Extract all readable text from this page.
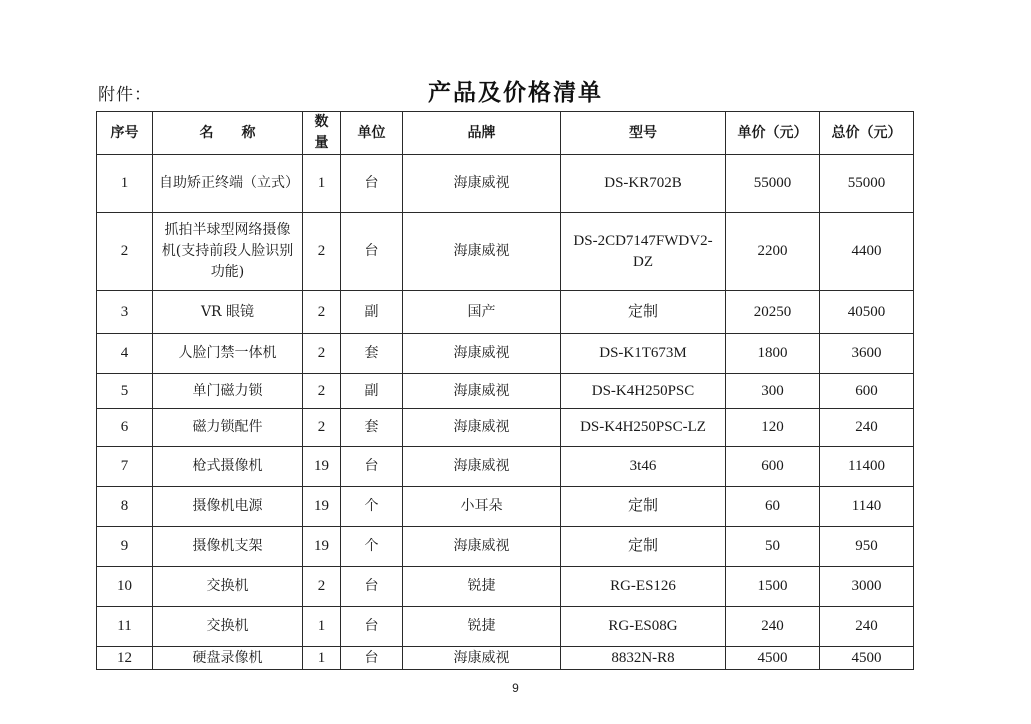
附件：	产品及价格清单
序号	名　　称	数量	单位	品牌	型号	单价（元）	总价（元）
1	自助矫正终端（立式）	1	台	海康威视	DS-KR702B	55000	55000
2	抓拍半球型网络摄像机(支持前段人脸识别功能)	2	台	海康威视	DS-2CD7147FWDV2-DZ	2200	4400
3	VR 眼镜	2	副	国产	定制	20250	40500
4	人脸门禁一体机	2	套	海康威视	DS-K1T673M	1800	3600
5	单门磁力锁	2	副	海康威视	DS-K4H250PSC	300	600
6	磁力锁配件	2	套	海康威视	DS-K4H250PSC-LZ	120	240
7	枪式摄像机	19	台	海康威视	3t46	600	11400
8	摄像机电源	19	个	小耳朵	定制	60	1140
9	摄像机支架	19	个	海康威视	定制	50	950
10	交换机	2	台	锐捷	RG-ES126	1500	3000
11	交换机	1	台	锐捷	RG-ES08G	240	240
12	硬盘录像机	1	台	海康威视	8832N-R8	4500	4500
9
